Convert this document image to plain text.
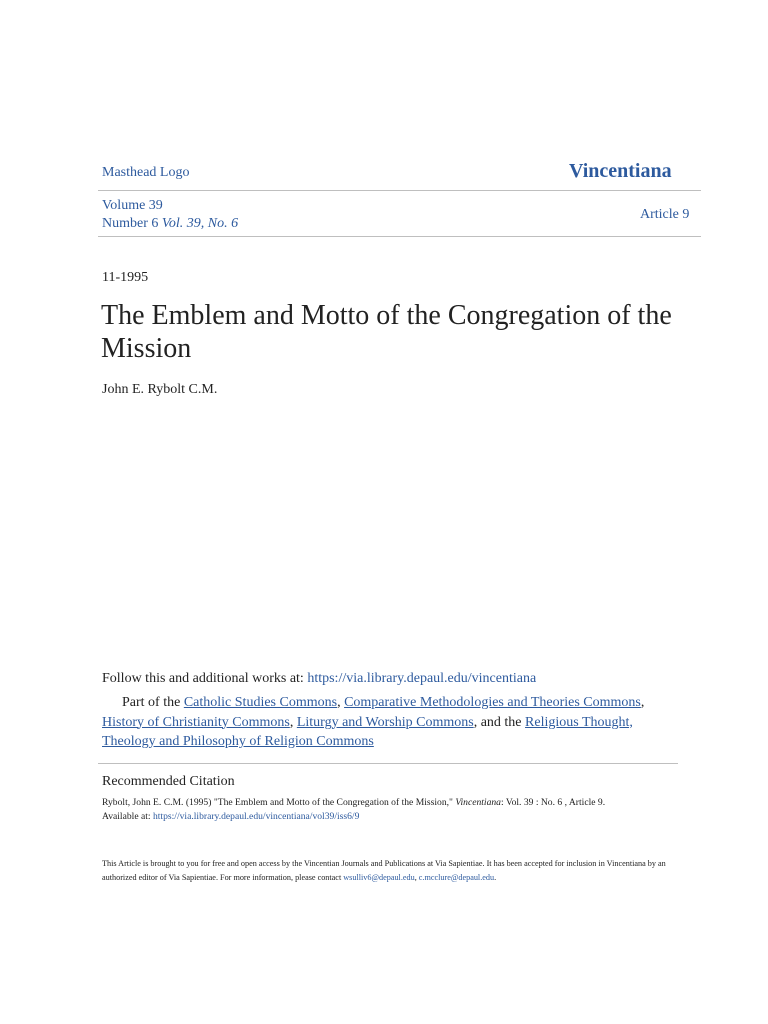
Masthead Logo	Vincentiana
Volume 39
Number 6 Vol. 39, No. 6
Article 9
11-1995
The Emblem and Motto of the Congregation of the Mission
John E. Rybolt C.M.
Follow this and additional works at: https://via.library.depaul.edu/vincentiana
Part of the Catholic Studies Commons, Comparative Methodologies and Theories Commons, History of Christianity Commons, Liturgy and Worship Commons, and the Religious Thought, Theology and Philosophy of Religion Commons
Recommended Citation
Rybolt, John E. C.M. (1995) "The Emblem and Motto of the Congregation of the Mission," Vincentiana: Vol. 39 : No. 6 , Article 9.
Available at: https://via.library.depaul.edu/vincentiana/vol39/iss6/9
This Article is brought to you for free and open access by the Vincentian Journals and Publications at Via Sapientiae. It has been accepted for inclusion in Vincentiana by an authorized editor of Via Sapientiae. For more information, please contact wsulliv6@depaul.edu, c.mcclure@depaul.edu.
